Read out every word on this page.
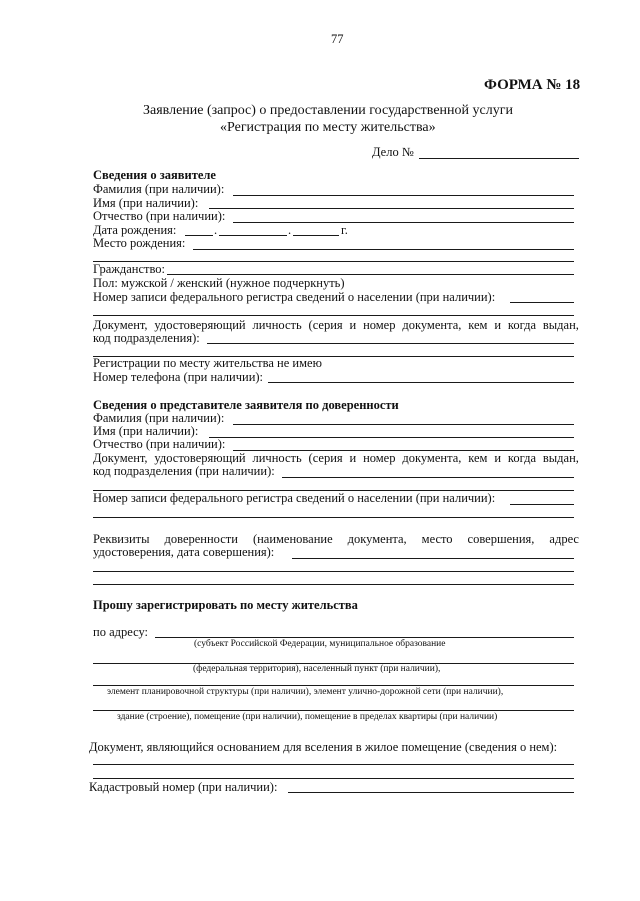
77
ФОРМА № 18
Заявление (запрос) о предоставлении государственной услуги
«Регистрация по месту жительства»
Дело №
Сведения о заявителе
Фамилия (при наличии):
Имя (при наличии):
Отчество (при наличии):
Дата рождения:	.	.	г.
Место рождения:
Гражданство:
Пол: мужской / женский (нужное подчеркнуть)
Номер записи федерального регистра сведений о населении (при наличии):
Документ, удостоверяющий личность (серия и номер документа, кем и когда выдан,
код подразделения):
Регистрации по месту жительства не имею
Номер телефона (при наличии):
Сведения о представителе заявителя по доверенности
Фамилия (при наличии):
Имя (при наличии):
Отчество (при наличии):
Документ, удостоверяющий личность (серия и номер документа, кем и когда выдан,
код подразделения (при наличии):
Номер записи федерального регистра сведений о населении (при наличии):
Реквизиты доверенности (наименование документа, место совершения, адрес
удостоверения, дата совершения):
Прошу зарегистрировать по месту жительства
по адресу:
(субъект Российской Федерации, муниципальное образование
(федеральная территория), населенный пункт (при наличии),
элемент планировочной структуры (при наличии), элемент улично-дорожной сети (при наличии),
здание (строение), помещение (при наличии), помещение в пределах квартиры (при наличии)
Документ, являющийся основанием для вселения в жилое помещение (сведения о нем):
Кадастровый номер (при наличии):
